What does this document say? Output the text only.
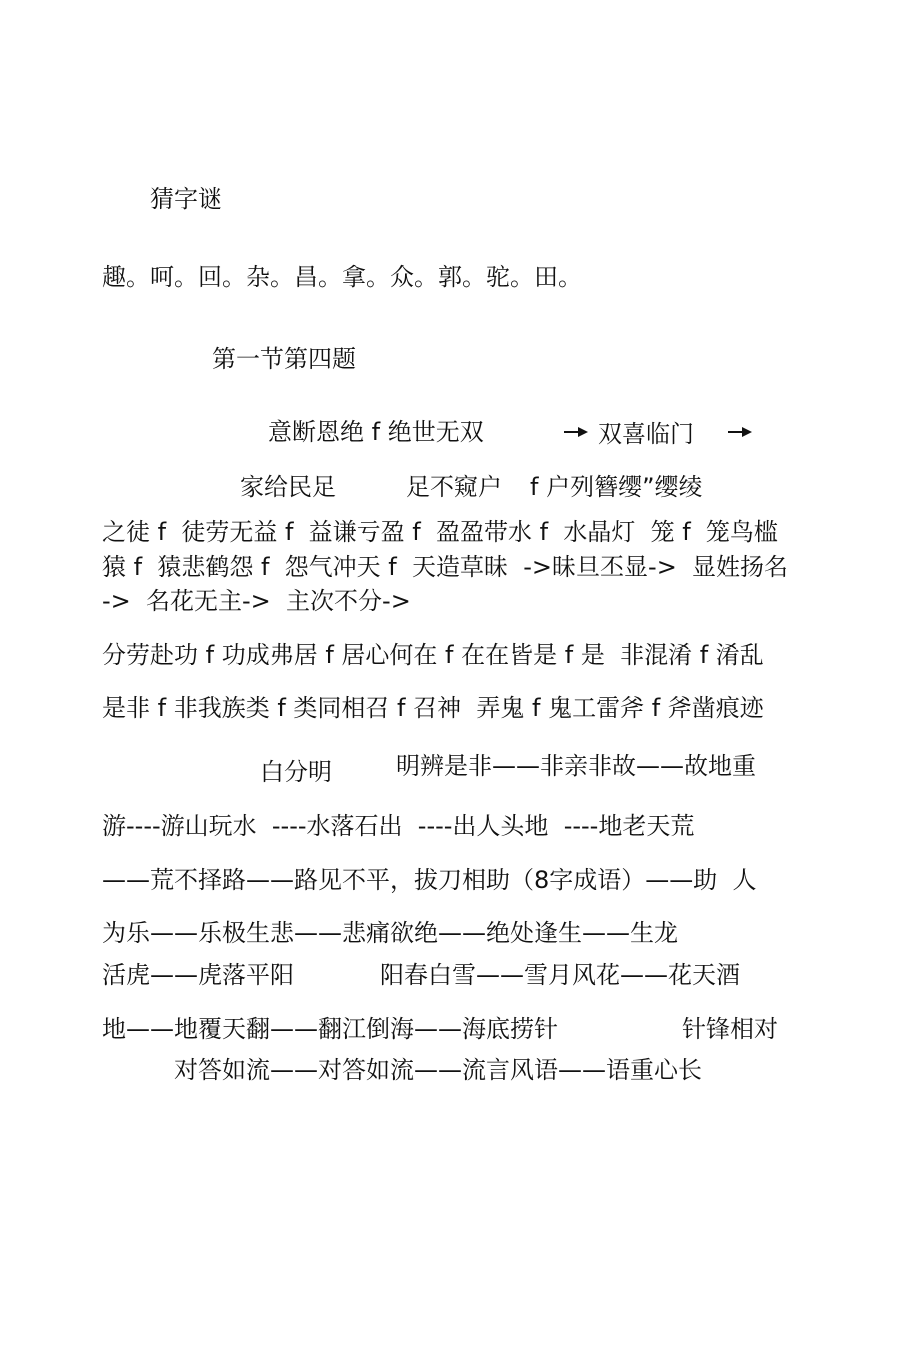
猜字谜
趣。呵。回。杂。昌。拿。众。郭。驼。田。
第一节第四题
意断恩绝 f 绝世无双	双喜临门
家给民足	足不窥户 f 户列簪缨”缨绫
之徒 f  徒劳无益 f  益谦亏盈 f  盈盈带水 f  水晶灯  笼 f  笼鸟槛
猿 f  猿悲鹤怨 f  怨气冲天 f  天造草昧  ->昧旦丕显->  显姓扬名
->  名花无主->  主次不分->
分劳赴功 f 功成弗居 f 居心何在 f 在在皆是 f 是  非混淆 f 淆乱
是非 f 非我族类 f 类同相召 f 召神  弄鬼 f 鬼工雷斧 f 斧凿痕迹
白分明	明辨是非——非亲非故——故地重
游----游山玩水  ----水落石出  ----出人头地  ----地老天荒
——荒不择路——路见不平，拔刀相助（8字成语）——助  人
为乐——乐极生悲——悲痛欲绝——绝处逢生——生龙
活虎——虎落平阳	阳春白雪——雪月风花——花天酒
地——地覆天翻——翻江倒海——海底捞针	针锋相对
对答如流——对答如流——流言风语——语重心长
